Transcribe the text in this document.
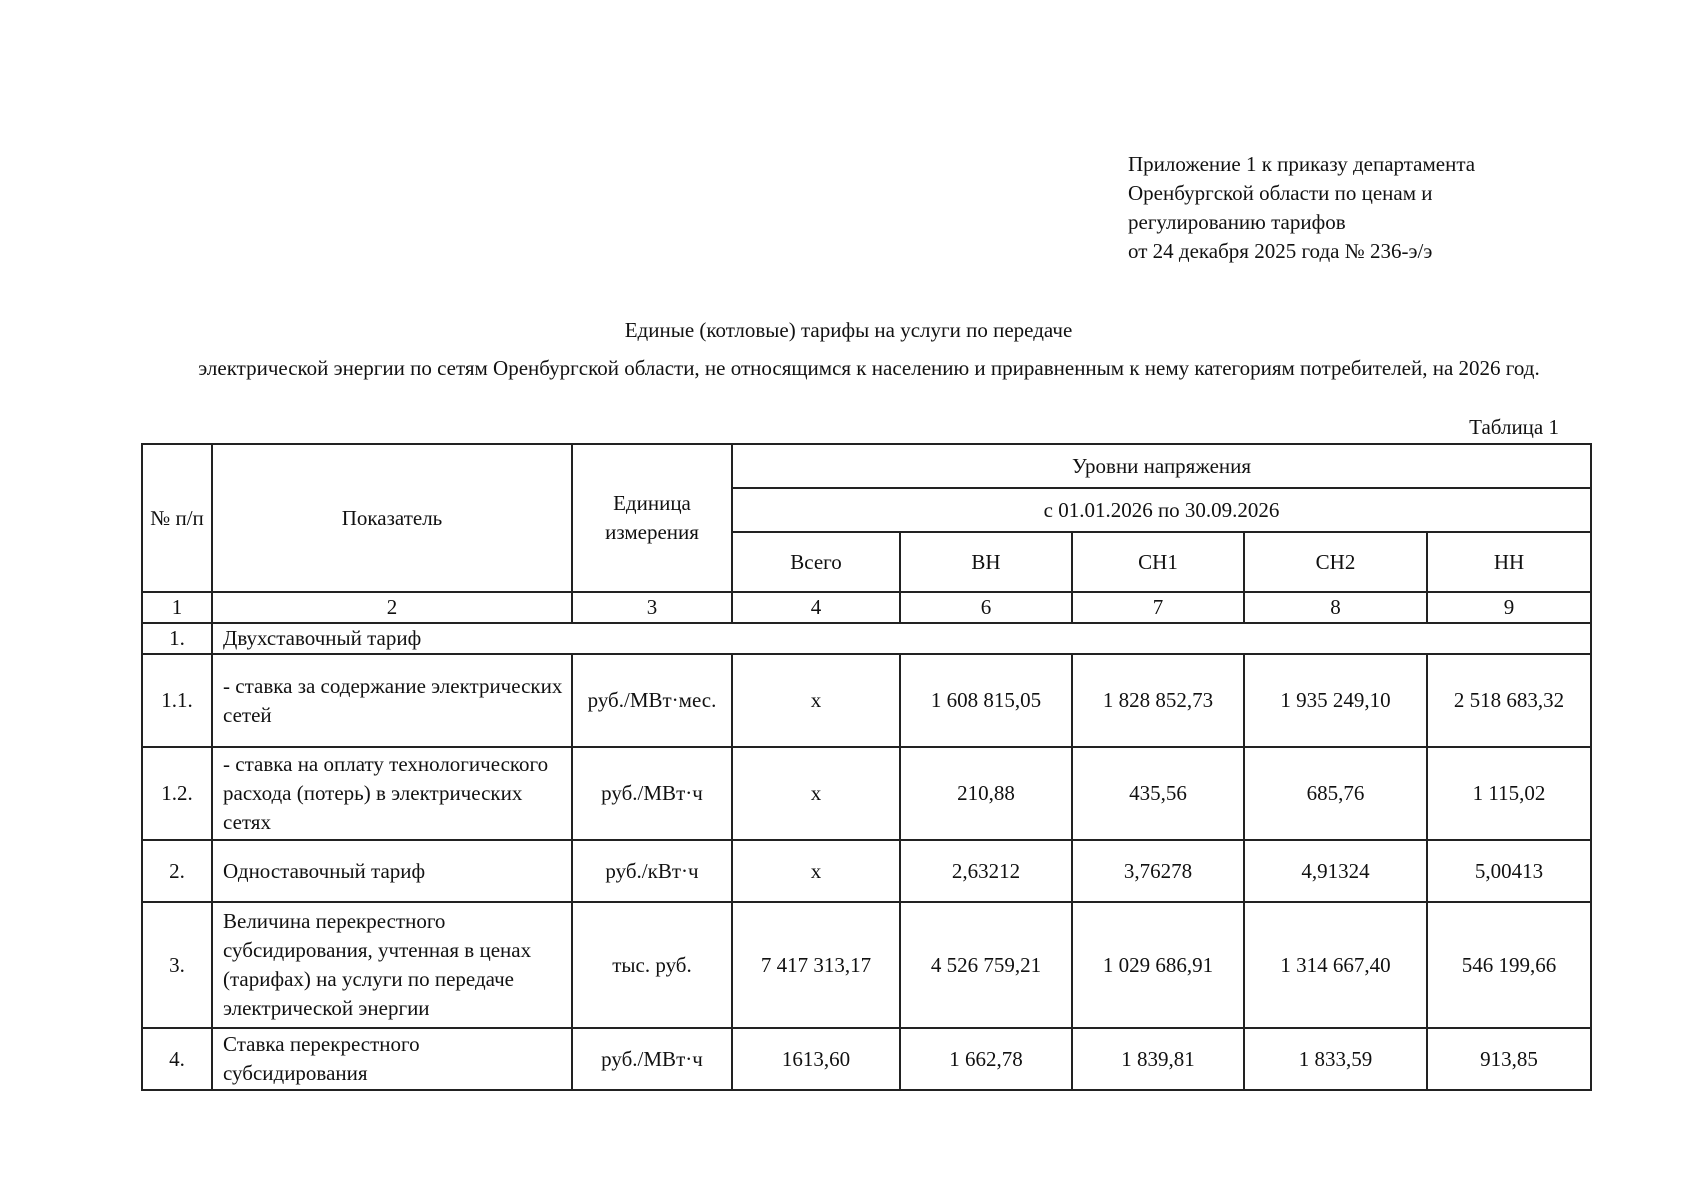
Приложение 1 к приказу департамента
Оренбургской области по ценам и
регулированию тарифов
от 24 декабря 2025 года № 236-э/э
Единые (котловые) тарифы на услуги по передаче
электрической энергии по сетям Оренбургской области, не относящимся к населению и приравненным к нему категориям потребителей, на 2026 год.
Таблица 1
№ п/п	Показатель	Единица измерения	Уровни напряжения				
			с 01.01.2026 по 30.09.2026				
			Всего	ВН	СН1	СН2	НН
1	2	3	4	6	7	8	9
1.	Двухставочный тариф						
1.1.	- ставка за содержание электрических сетей	руб./МВт·мес.	x	1 608 815,05	1 828 852,73	1 935 249,10	2 518 683,32
1.2.	- ставка на оплату технологического расхода (потерь) в электрических сетях	руб./МВт·ч	x	210,88	435,56	685,76	1 115,02
2.	Одноставочный тариф	руб./кВт·ч	x	2,63212	3,76278	4,91324	5,00413
3.	Величина перекрестного субсидирования, учтенная в ценах (тарифах) на услуги по передаче электрической энергии	тыс. руб.	7 417 313,17	4 526 759,21	1 029 686,91	1 314 667,40	546 199,66
4.	Ставка перекрестного субсидирования	руб./МВт·ч	1613,60	1 662,78	1 839,81	1 833,59	913,85
